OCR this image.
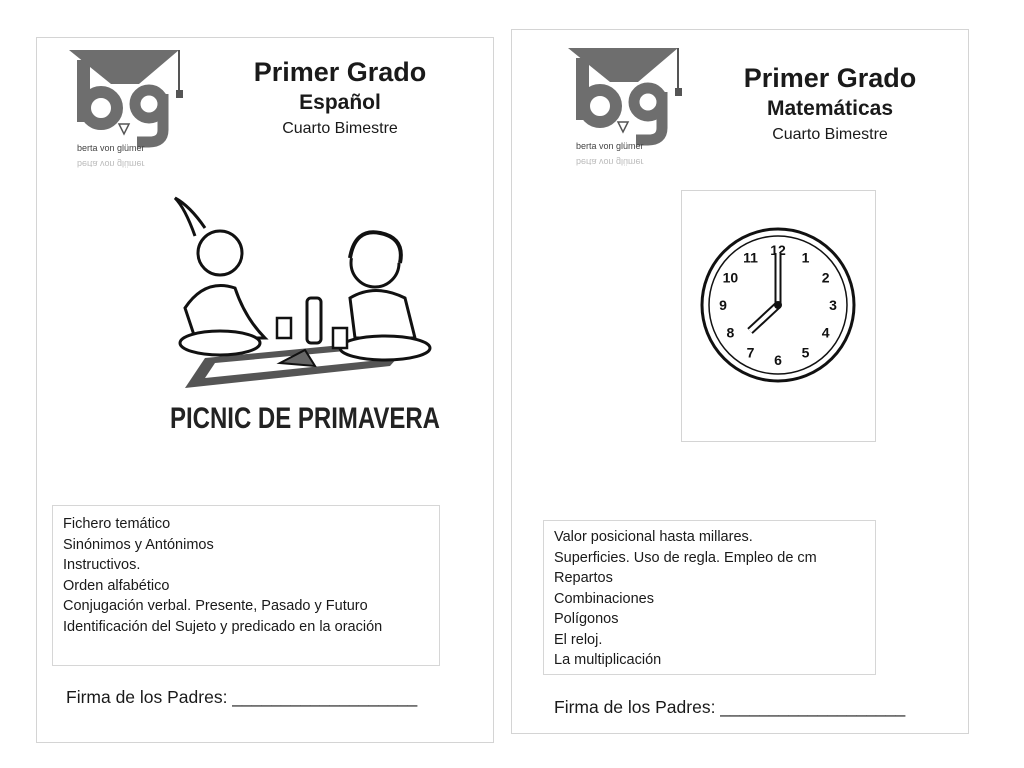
berta von glümer
berta von glümer
Primer Grado
Español
Cuarto Bimestre
PICNIC DE PRIMAVERA
Fichero temático
Sinónimos y Antónimos
Instructivos.
Orden alfabético
Conjugación verbal. Presente, Pasado y Futuro
Identificación del Sujeto y predicado en la oración
Firma de los Padres: ___________________
berta von glümer
berta von glümer
Primer Grado
Matemáticas
Cuarto Bimestre
12 1
2
3
4
5
6
7
8
9
10
11
Valor posicional hasta millares.
Superficies. Uso de regla. Empleo de cm
Repartos
Combinaciones
Polígonos
El reloj.
La multiplicación
Firma de los Padres: ___________________
